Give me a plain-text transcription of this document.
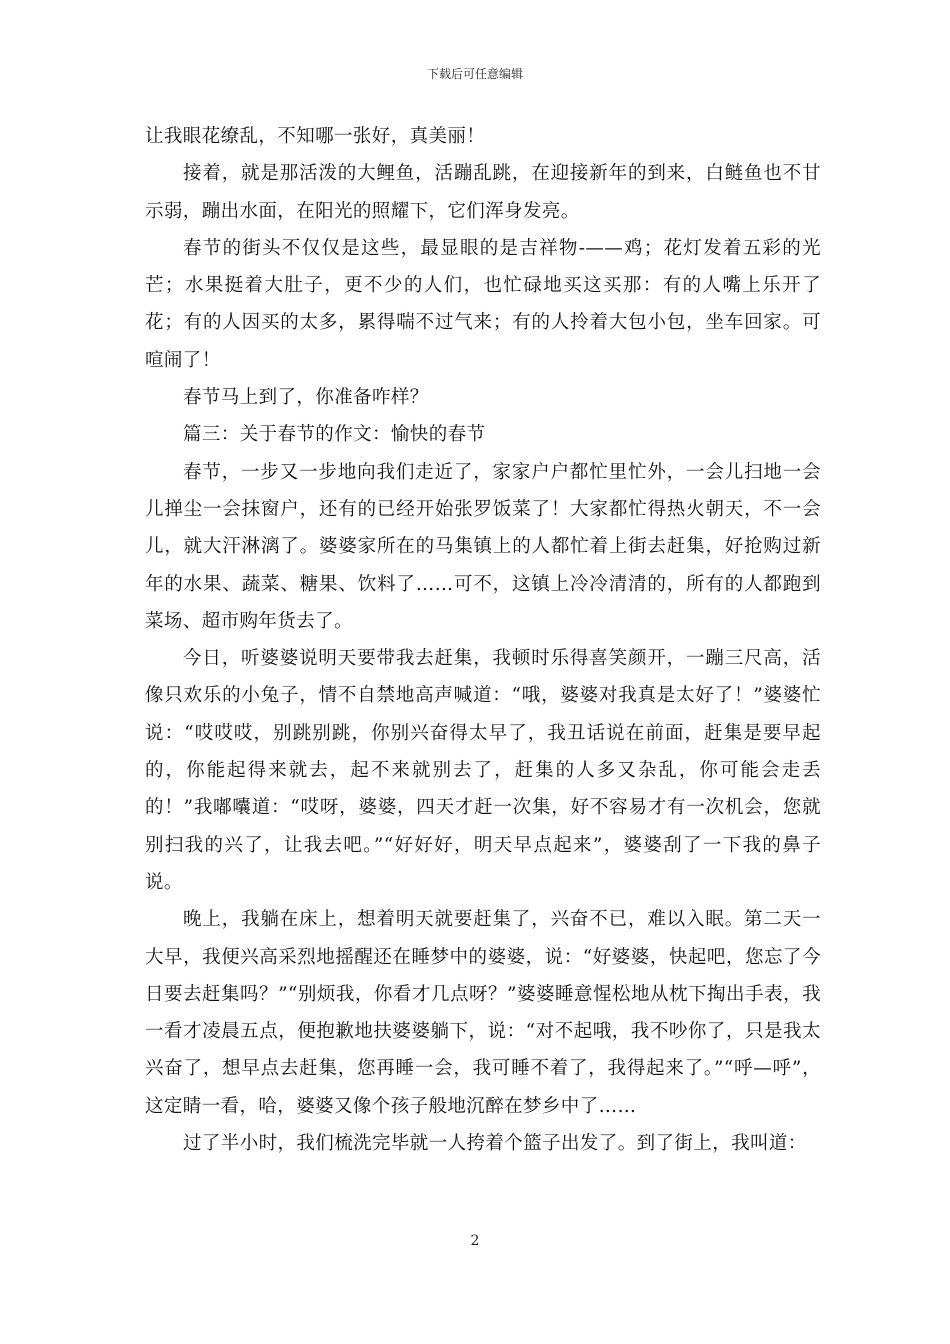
下载后可任意编辑

让我眼花缭乱，不知哪一张好，真美丽！

接着，就是那活泼的大鲤鱼，活蹦乱跳，在迎接新年的到来，白鲢鱼也不甘示弱，蹦出水面，在阳光的照耀下，它们浑身发亮。

春节的街头不仅仅是这些，最显眼的是吉祥物-——鸡；花灯发着五彩的光芒；水果挺着大肚子，更不少的人们，也忙碌地买这买那：有的人嘴上乐开了花；有的人因买的太多，累得喘不过气来；有的人拎着大包小包，坐车回家。可喧闹了！

春节马上到了，你准备咋样？

篇三：关于春节的作文：愉快的春节

春节，一步又一步地向我们走近了，家家户户都忙里忙外，一会儿扫地一会儿掸尘一会抹窗户，还有的已经开始张罗饭菜了！大家都忙得热火朝天，不一会儿，就大汗淋漓了。婆婆家所在的马集镇上的人都忙着上街去赶集，好抢购过新年的水果、蔬菜、糖果、饮料了……可不，这镇上冷冷清清的，所有的人都跑到菜场、超市购年货去了。

今日，听婆婆说明天要带我去赶集，我顿时乐得喜笑颜开，一蹦三尺高，活像只欢乐的小兔子，情不自禁地高声喊道：“哦，婆婆对我真是太好了！”婆婆忙说：“哎哎哎，别跳别跳，你别兴奋得太早了，我丑话说在前面，赶集是要早起的，你能起得来就去，起不来就别去了，赶集的人多又杂乱，你可能会走丢的！”我嘟囔道：“哎呀，婆婆，四天才赶一次集，好不容易才有一次机会，您就别扫我的兴了，让我去吧。”“好好好，明天早点起来”，婆婆刮了一下我的鼻子说。

晚上，我躺在床上，想着明天就要赶集了，兴奋不已，难以入眠。第二天一大早，我便兴高采烈地摇醒还在睡梦中的婆婆，说：“好婆婆，快起吧，您忘了今日要去赶集吗？”“别烦我，你看才几点呀？”婆婆睡意惺松地从枕下掏出手表，我一看才凌晨五点，便抱歉地扶婆婆躺下，说：“对不起哦，我不吵你了，只是我太兴奋了，想早点去赶集，您再睡一会，我可睡不着了，我得起来了。”“呼—呼”，这定睛一看，哈，婆婆又像个孩子般地沉醉在梦乡中了……

过了半小时，我们梳洗完毕就一人挎着个篮子出发了。到了街上，我叫道：

2
